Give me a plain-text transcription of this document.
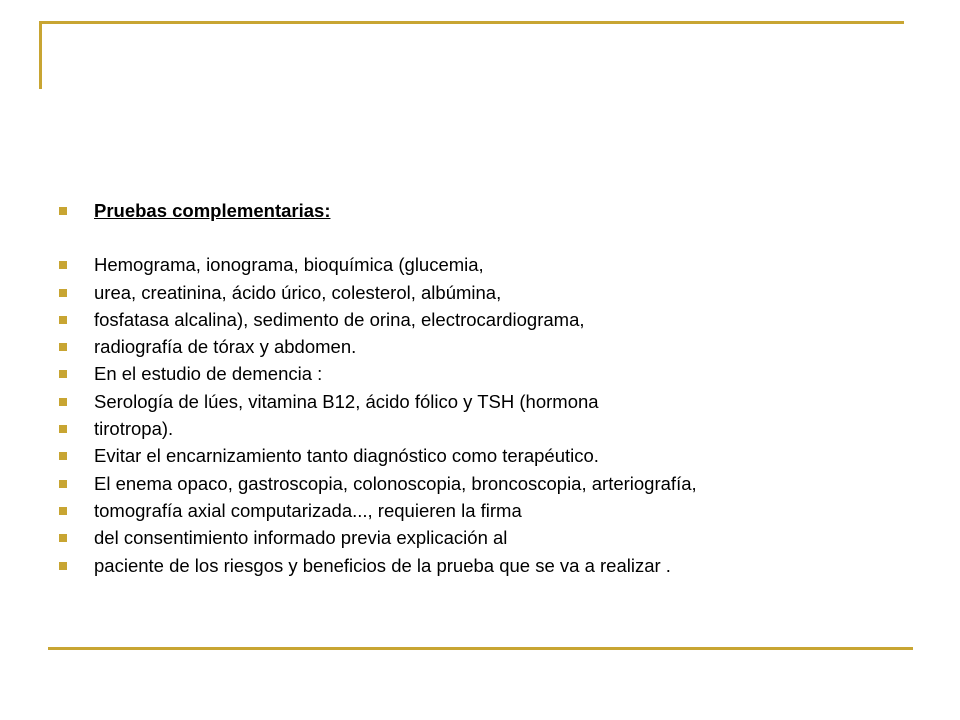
Pruebas complementarias:
Hemograma, ionograma, bioquímica (glucemia,
urea, creatinina, ácido úrico, colesterol, albúmina,
fosfatasa alcalina), sedimento de orina, electrocardiograma,
radiografía de tórax y abdomen.
En el estudio de demencia :
Serología de lúes, vitamina B12, ácido fólico y TSH (hormona
tirotropa).
Evitar el encarnizamiento tanto diagnóstico como terapéutico.
El enema opaco, gastroscopia, colonoscopia, broncoscopia, arteriografía,
tomografía axial computarizada..., requieren la firma
del consentimiento informado previa explicación al
paciente de los riesgos y beneficios de la prueba que se va a realizar .
